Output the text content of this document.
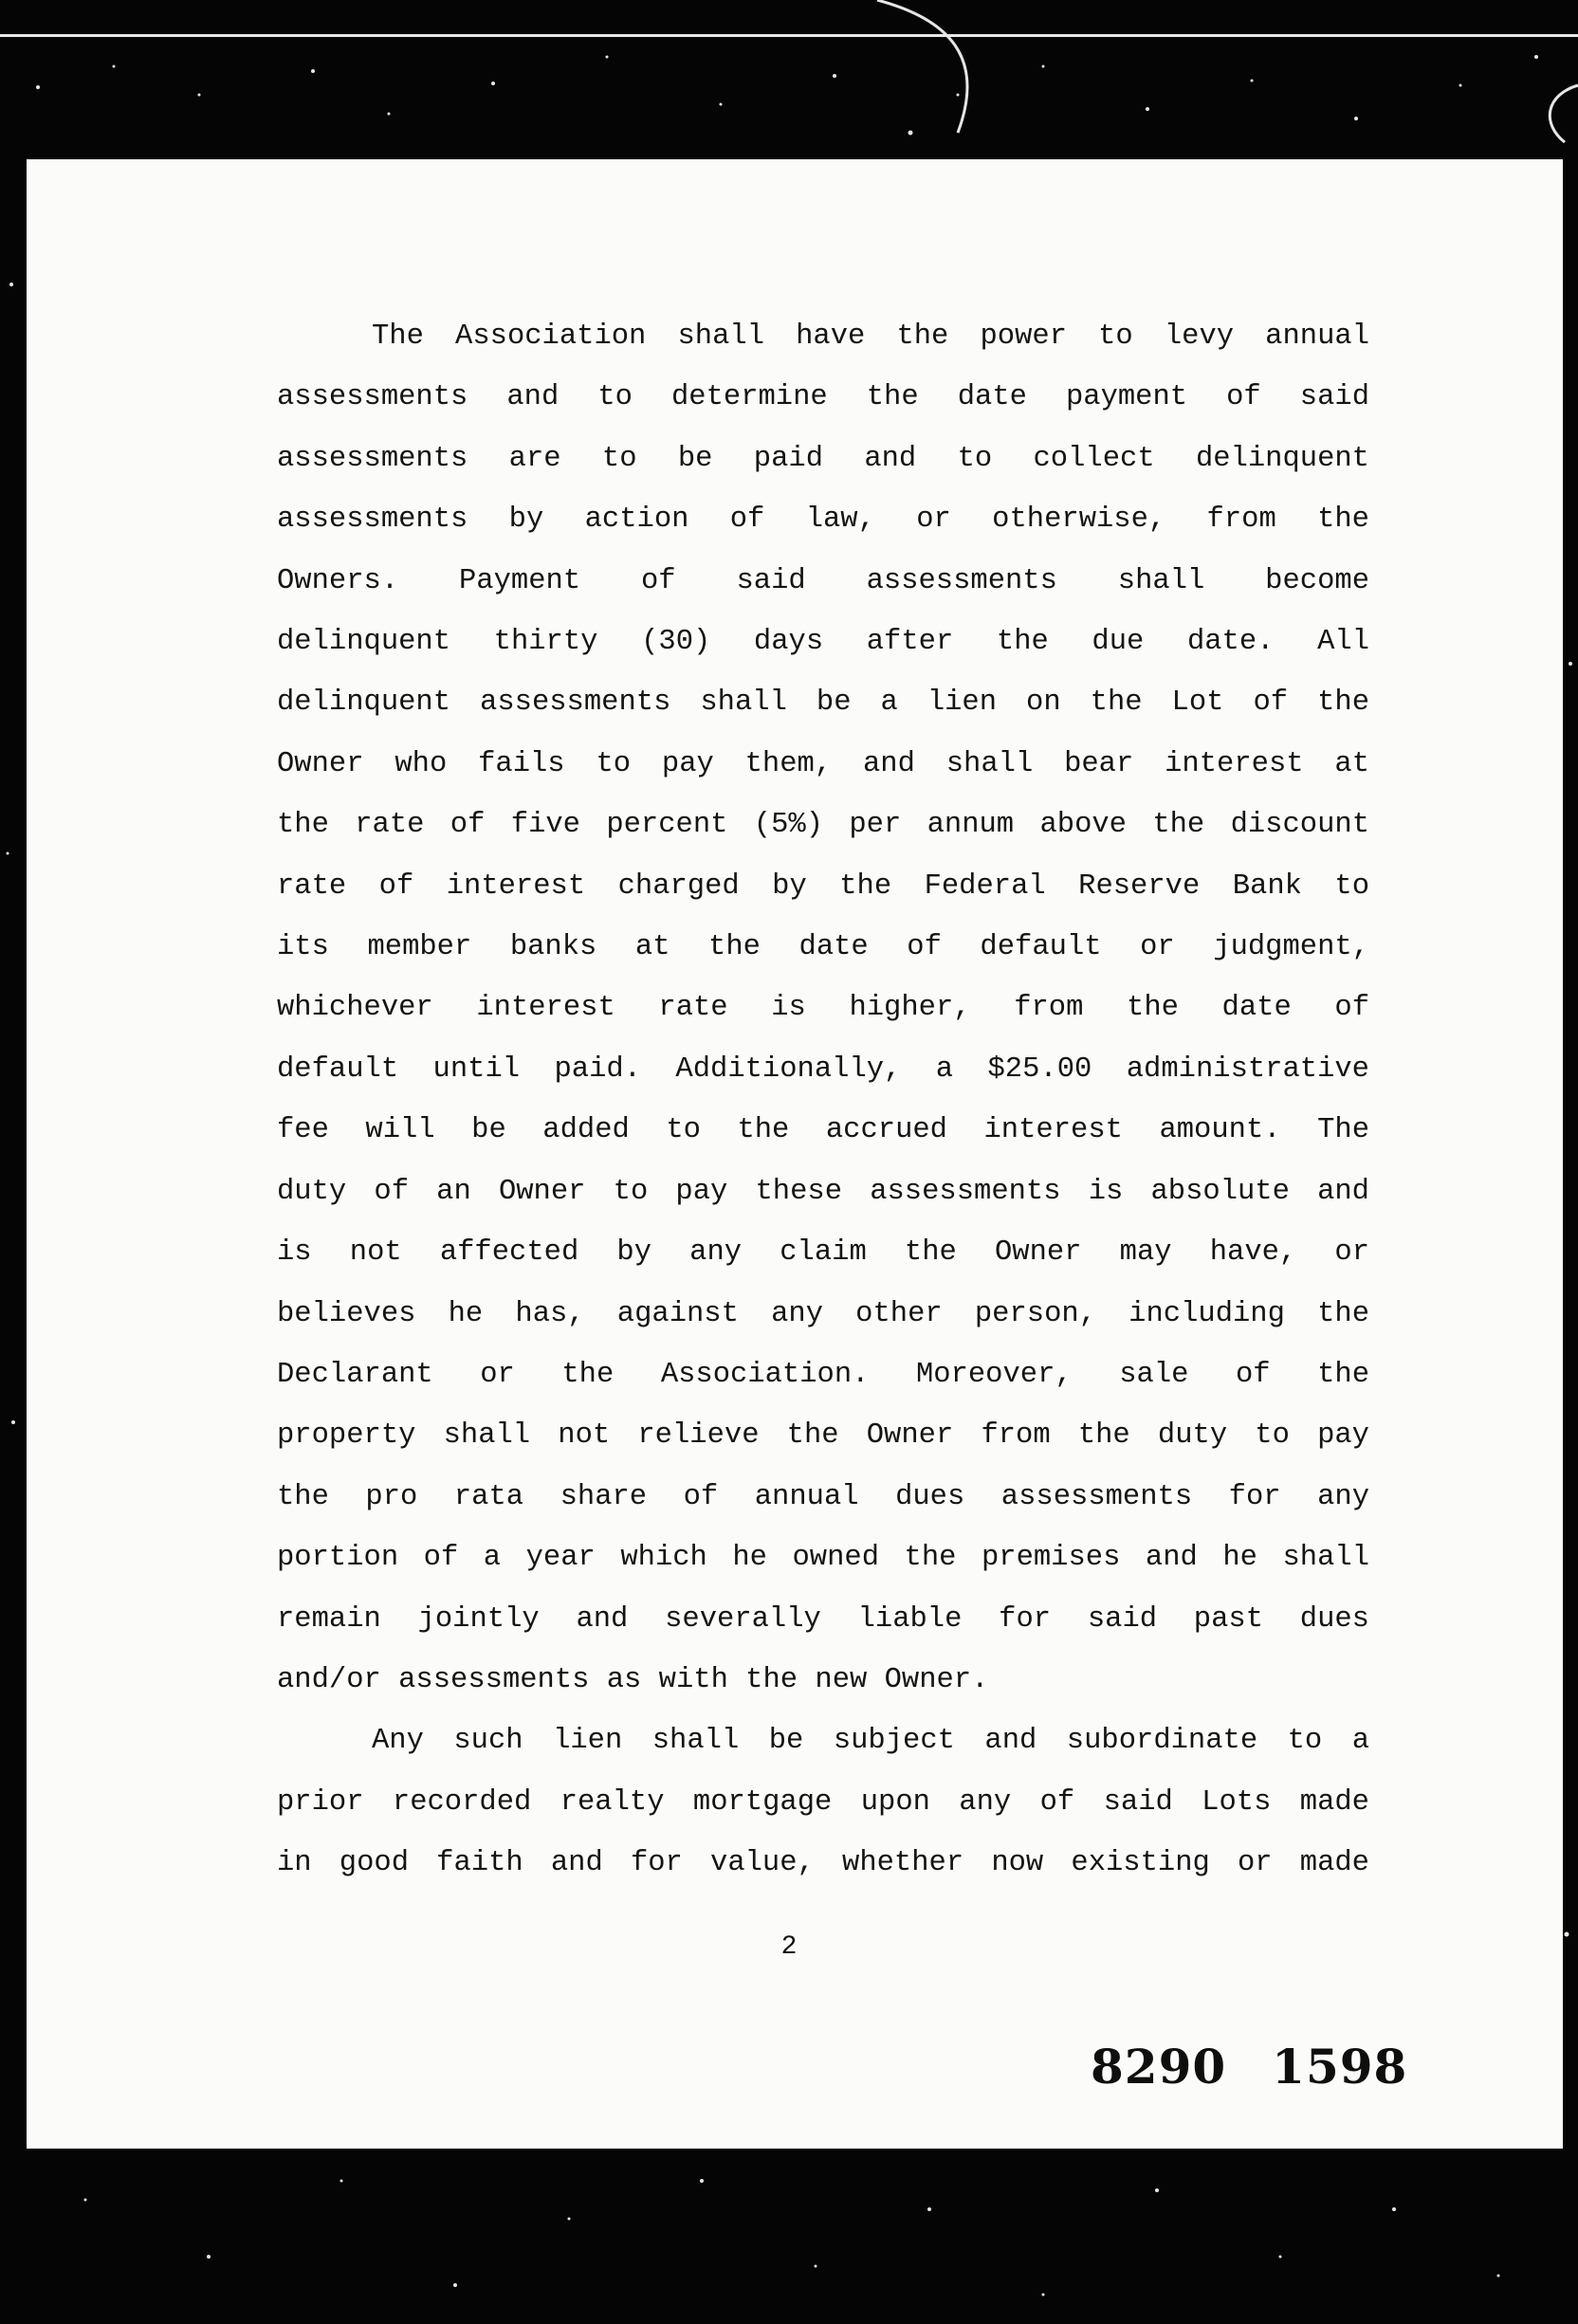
The Association shall have the power to levy annual
assessments and to determine the date payment of said
assessments are to be paid and to collect delinquent
assessments by action of law, or otherwise, from the
Owners. Payment of said assessments shall become
delinquent thirty (30) days after the due date. All
delinquent assessments shall be a lien on the Lot of the
Owner who fails to pay them, and shall bear interest at
the rate of five percent (5%) per annum above the discount
rate of interest charged by the Federal Reserve Bank to
its member banks at the date of default or judgment,
whichever interest rate is higher, from the date of
default until paid. Additionally, a $25.00 administrative
fee will be added to the accrued interest amount. The
duty of an Owner to pay these assessments is absolute and
is not affected by any claim the Owner may have, or
believes he has, against any other person, including the
Declarant or the Association. Moreover, sale of the
property shall not relieve the Owner from the duty to pay
the pro rata share of annual dues assessments for any
portion of a year which he owned the premises and he shall
remain jointly and severally liable for said past dues
and/or assessments as with the new Owner.

Any such lien shall be subject and subordinate to a
prior recorded realty mortgage upon any of said Lots made
in good faith and for value, whether now existing or made

2
8290 1598
